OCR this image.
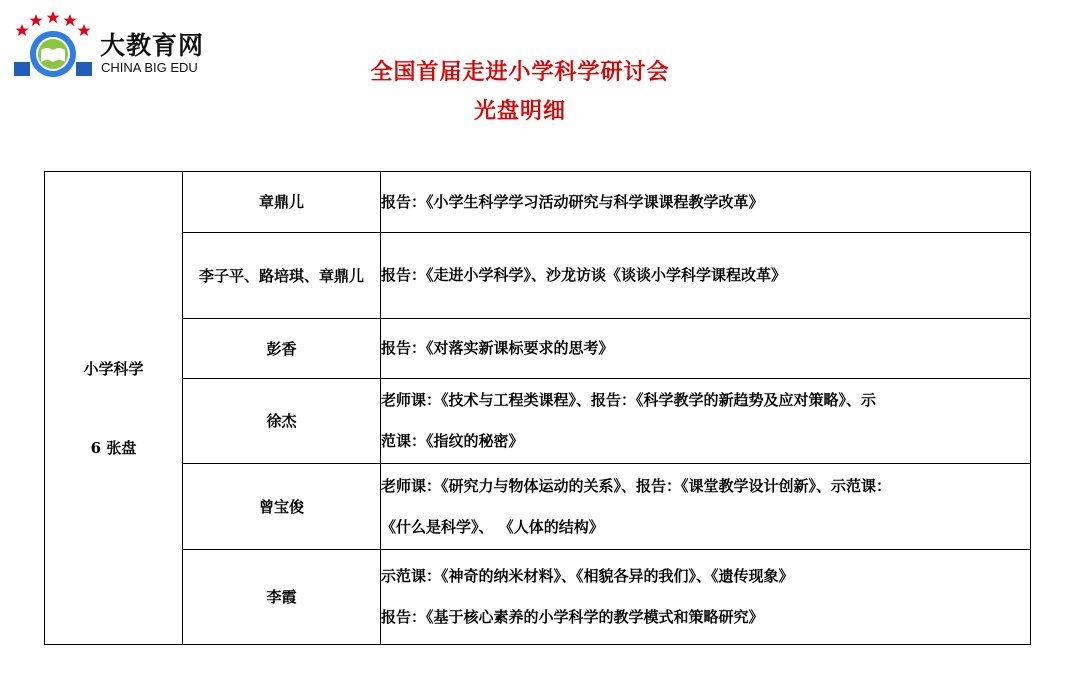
大教育网
CHINA BIG EDU	全国首届走进小学科学研讨会
光盘明细
小学科学
6 张盘	章鼎儿	报告：《小学生科学学习活动研究与科学课课程教学改革》

	李子平、路培琪、章鼎儿	报告：《走进小学科学》、沙龙访谈《谈谈小学科学课程改革》

	彭香	报告：《对落实新课标要求的思考》

	徐杰	老师课：《技术与工程类课程》、报告：《科学教学的新趋势及应对策略》、示
范课：《指纹的秘密》

	曾宝俊	老师课：《研究力与物体运动的关系》、报告：《课堂教学设计创新》、示范课：
《什么是科学》、 《人体的结构》

	李霞	示范课：《神奇的纳米材料》、《相貌各异的我们》、《遗传现象》
报告：《基于核心素养的小学科学的教学模式和策略研究》
